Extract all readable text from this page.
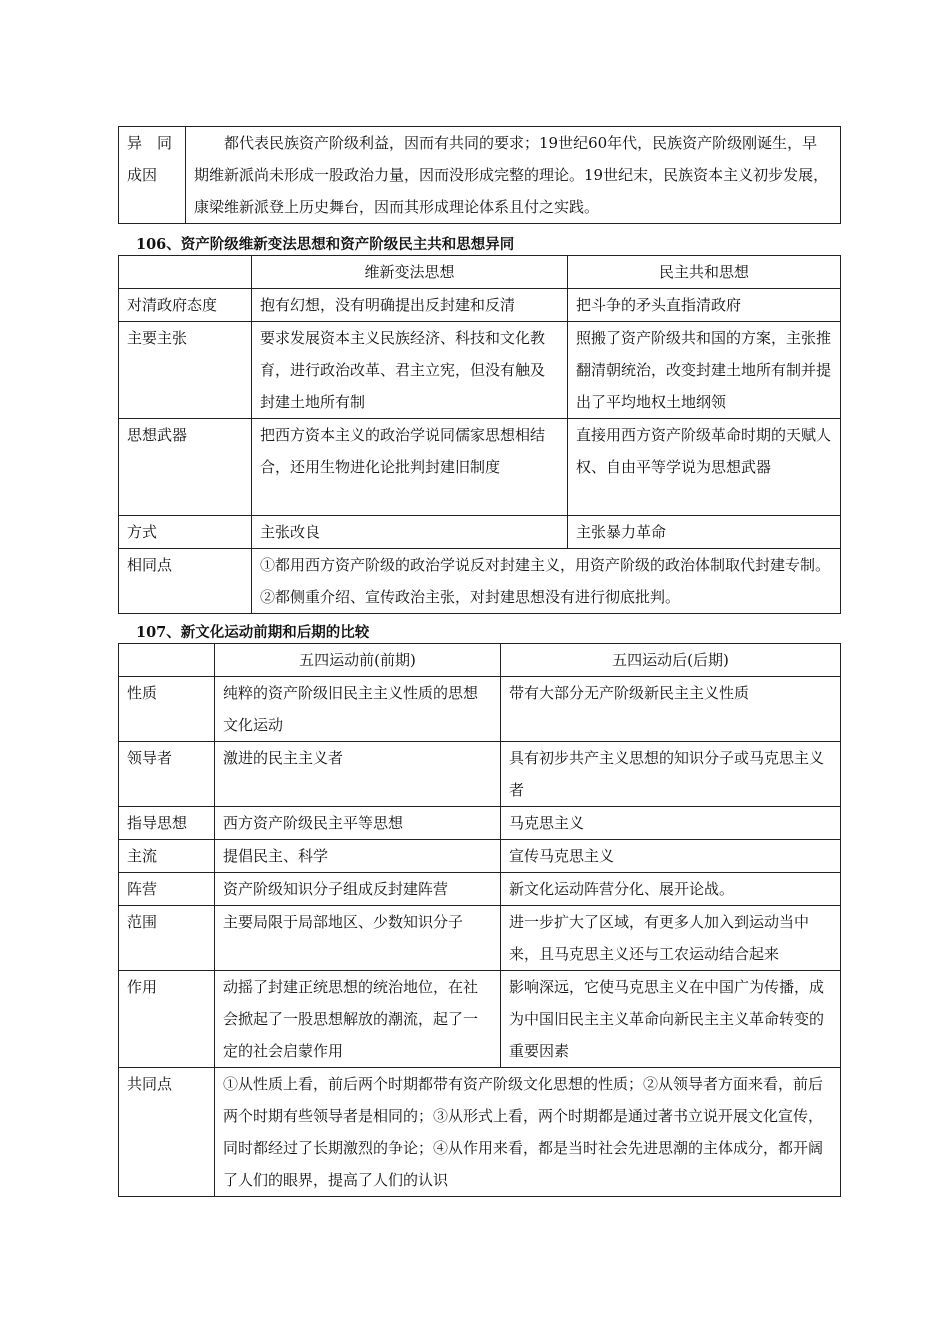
异　同成因	都代表民族资产阶级利益，因而有共同的要求；19世纪60年代，民族资产阶级刚诞生，早期维新派尚未形成一股政治力量，因而没形成完整的理论。19世纪末，民族资本主义初步发展，康梁维新派登上历史舞台，因而其形成理论体系且付之实践。
106、资产阶级维新变法思想和资产阶级民主共和思想异同
	维新变法思想	民主共和思想
对清政府态度	抱有幻想，没有明确提出反封建和反清	把斗争的矛头直指清政府
主要主张	要求发展资本主义民族经济、科技和文化教育，进行政治改革、君主立宪，但没有触及封建土地所有制	照搬了资产阶级共和国的方案，主张推翻清朝统治，改变封建土地所有制并提出了平均地权土地纲领
思想武器	把西方资本主义的政治学说同儒家思想相结合，还用生物进化论批判封建旧制度	直接用西方资产阶级革命时期的天赋人权、自由平等学说为思想武器
方式	主张改良	主张暴力革命
相同点	①都用西方资产阶级的政治学说反对封建主义，用资产阶级的政治体制取代封建专制。②都侧重介绍、宣传政治主张，对封建思想没有进行彻底批判。	
107、新文化运动前期和后期的比较
	五四运动前(前期)	五四运动后(后期)
性质	纯粹的资产阶级旧民主主义性质的思想文化运动	带有大部分无产阶级新民主主义性质
领导者	激进的民主主义者	具有初步共产主义思想的知识分子或马克思主义者
指导思想	西方资产阶级民主平等思想	马克思主义
主流	提倡民主、科学	宣传马克思主义
阵营	资产阶级知识分子组成反封建阵营	新文化运动阵营分化、展开论战。
范围	主要局限于局部地区、少数知识分子	进一步扩大了区域，有更多人加入到运动当中来，且马克思主义还与工农运动结合起来
作用	动摇了封建正统思想的统治地位，在社会掀起了一股思想解放的潮流，起了一定的社会启蒙作用	影响深远，它使马克思主义在中国广为传播，成为中国旧民主主义革命向新民主主义革命转变的重要因素
共同点	①从性质上看，前后两个时期都带有资产阶级文化思想的性质；②从领导者方面来看，前后两个时期有些领导者是相同的；③从形式上看，两个时期都是通过著书立说开展文化宣传，同时都经过了长期激烈的争论；④从作用来看，都是当时社会先进思潮的主体成分，都开阔了人们的眼界，提高了人们的认识	
